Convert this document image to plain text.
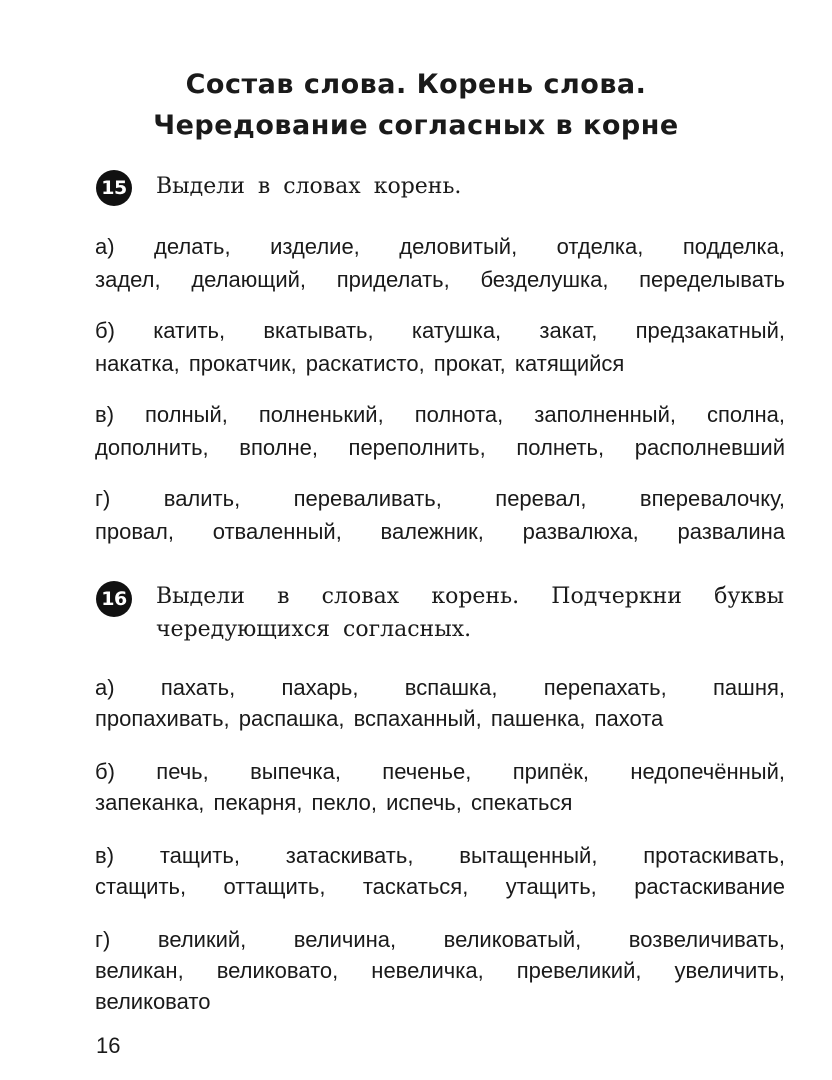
Состав слова. Корень слова.
Чередование согласных в корне
15 Выдели в словах корень.
а) делать, изделие, деловитый, отделка, подделка,
задел, делающий, приделать, безделушка, переделывать
б) катить, вкатывать, катушка, закат, предзакатный,
накатка, прокатчик, раскатисто, прокат, катящийся
в) полный, полненький, полнота, заполненный, сполна,
дополнить, вполне, переполнить, полнеть, располневший
г) валить, переваливать, перевал, вперевалочку,
провал, отваленный, валежник, развалюха, развалина
16 Выдели в словах корень. Подчеркни буквы
чередующихся согласных.
а) пахать, пахарь, вспашка, перепахать, пашня,
пропахивать, распашка, вспаханный, пашенка, пахота
б) печь, выпечка, печенье, припёк, недопечённый,
запеканка, пекарня, пекло, испечь, спекаться
в) тащить, затаскивать, вытащенный, протаскивать,
стащить, оттащить, таскаться, утащить, растаскивание
г) великий, величина, великоватый, возвеличивать,
великан, великовато, невеличка, превеликий, увеличить,
великовато
16
